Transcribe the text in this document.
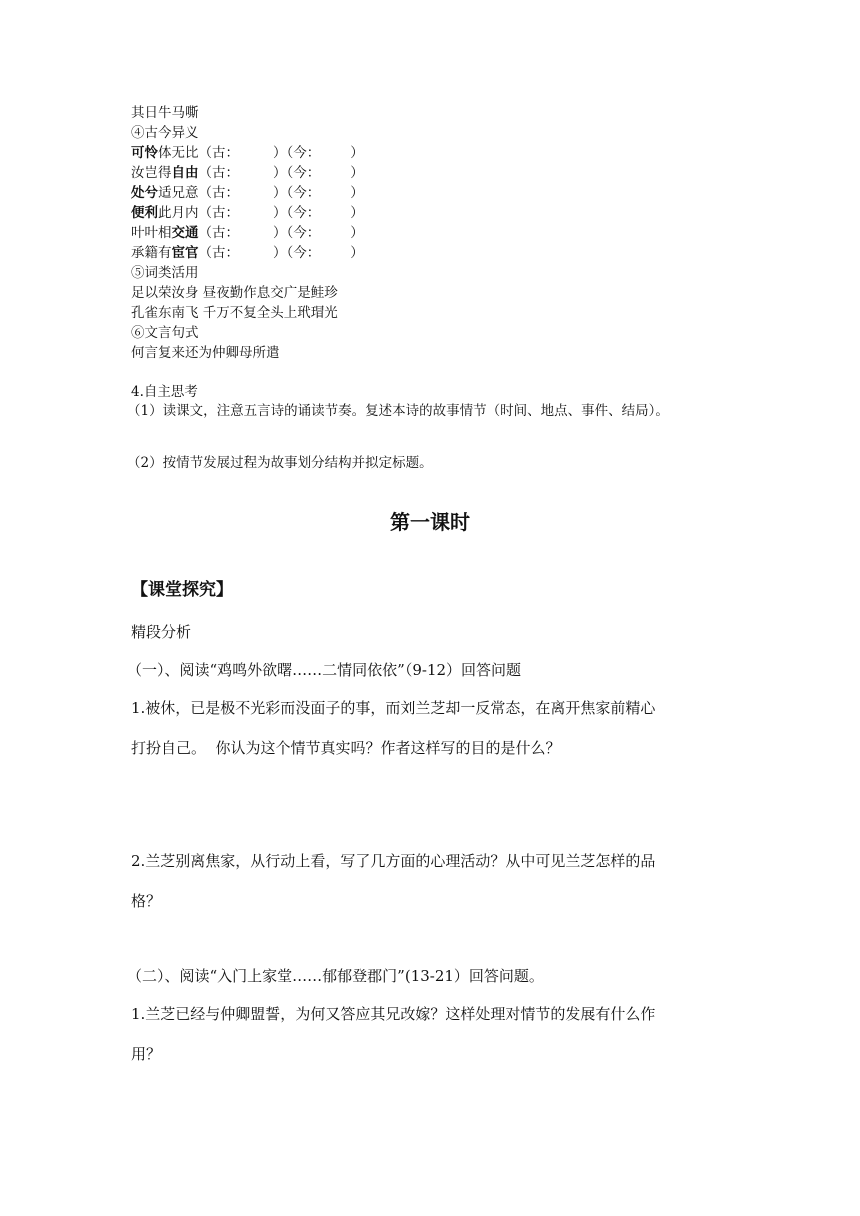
其日牛马嘶
④古今异义
可怜体无比（古：	）（今： ）
汝岂得自由（古：	）（今： ）
处兮适兄意（古：	）（今： ）
便利此月内（古：	）（今： ）
叶叶相交通（古：	）（今： ）
承籍有宦官（古：	）（今： ）
⑤词类活用
足以荣汝身 昼夜勤作息交广是鲑珍
孔雀东南飞 千万不复全头上玳瑁光
⑥文言句式
何言复来还为仲卿母所遣
4.自主思考
（1）读课文，注意五言诗的诵读节奏。复述本诗的故事情节（时间、地点、事件、结局）。
（2）按情节发展过程为故事划分结构并拟定标题。
第一课时
【课堂探究】
精段分析
（一）、阅读“鸡鸣外欲曙……二情同依依”（9-12）回答问题
1.被休，已是极不光彩而没面子的事，而刘兰芝却一反常态，在离开焦家前精心
打扮自己。  你认为这个情节真实吗？作者这样写的目的是什么？
2.兰芝别离焦家，从行动上看，写了几方面的心理活动？从中可见兰芝怎样的品
格？
（二）、阅读“入门上家堂……郁郁登郡门”(13-21）回答问题。
1.兰芝已经与仲卿盟誓，为何又答应其兄改嫁？这样处理对情节的发展有什么作
用？
